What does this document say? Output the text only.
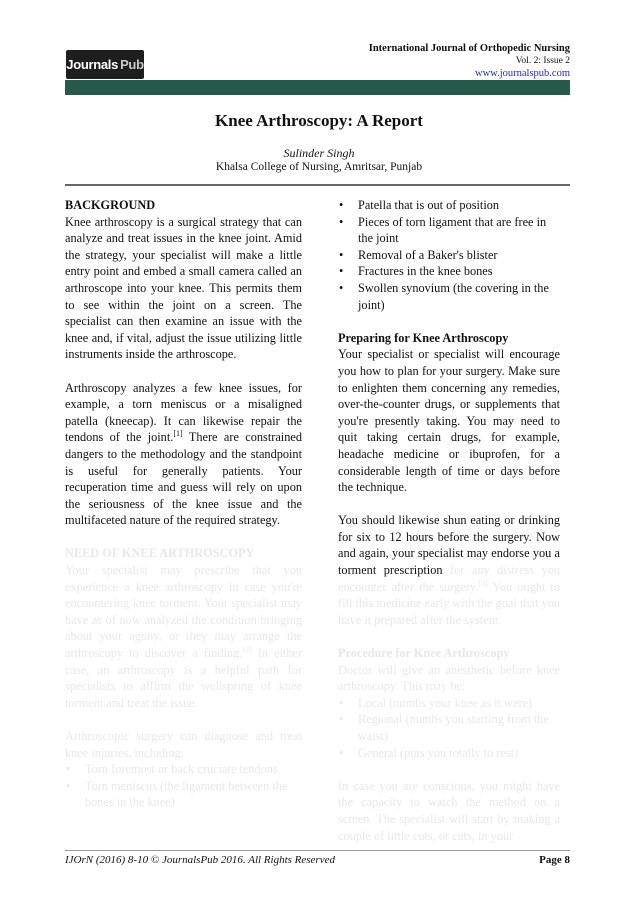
Journals Pub
International Journal of Orthopedic Nursing
Vol. 2: Issue 2
www.journalspub.com
Knee Arthroscopy: A Report
Sulinder Singh
Khalsa College of Nursing, Amritsar, Punjab

BACKGROUND

Knee arthroscopy is a surgical strategy that can analyze and treat issues in the knee joint. Amid the strategy, your specialist will make a little entry point and embed a small camera called an arthroscope into your knee. This permits them to see within the joint on a screen. The specialist can then examine an issue with the knee and, if vital, adjust the issue utilizing little instruments inside the arthroscope.

Arthroscopy analyzes a few knee issues, for example, a torn meniscus or a misaligned patella (kneecap). It can likewise repair the tendons of the joint.[1] There are constrained dangers to the methodology and the standpoint is useful for generally patients. Your recuperation time and guess will rely on upon the seriousness of the knee issue and the multifaceted nature of the required strategy.

NEED OF KNEE ARTHROSCOPY

Your specialist may prescribe that you experience a knee arthroscopy in case you're encountering knee torment. Your specialist may have as of now analyzed the condition bringing about your agony, or they may arrange the arthroscopy to discover a finding.[2] In either case, an arthroscopy is a helpful path for specialists to affirm the wellspring of knee torment and treat the issue.

Arthroscopic surgery can diagnose and treat knee injuries, including:

• Torn foremost or back cruciate tendons
• Torn meniscus (the ligament between the bones in the knee)
• Patella that is out of position
• Pieces of torn ligament that are free in the joint
• Removal of a Baker's blister
• Fractures in the knee bones
• Swollen synovium (the covering in the joint)

Preparing for Knee Arthroscopy

Your specialist or specialist will encourage you how to plan for your surgery. Make sure to enlighten them concerning any remedies, over-the-counter drugs, or supplements that you're presently taking. You may need to quit taking certain drugs, for example, headache medicine or ibuprofen, for a considerable length of time or days before the technique.

You should likewise shun eating or drinking for six to 12 hours before the surgery. Now and again, your specialist may endorse you a torment prescription for any distress you encounter after the surgery.[3] You ought to fill this medicine early with the goal that you have it prepared after the system.

Procedure for Knee Arthroscopy

Doctor will give an anesthetic before knee arthroscopy. This may be:

• Local (numbs your knee as it were)
• Regional (numbs you starting from the waist)
• General (puts you totally to rest)

In case you are conscious, you might have the capacity to watch the method on a screen. The specialist will start by making a couple of little cuts, or cuts, in your

IJOrN (2016) 8-10 © JournalsPub 2016. All Rights Reserved	Page 8
